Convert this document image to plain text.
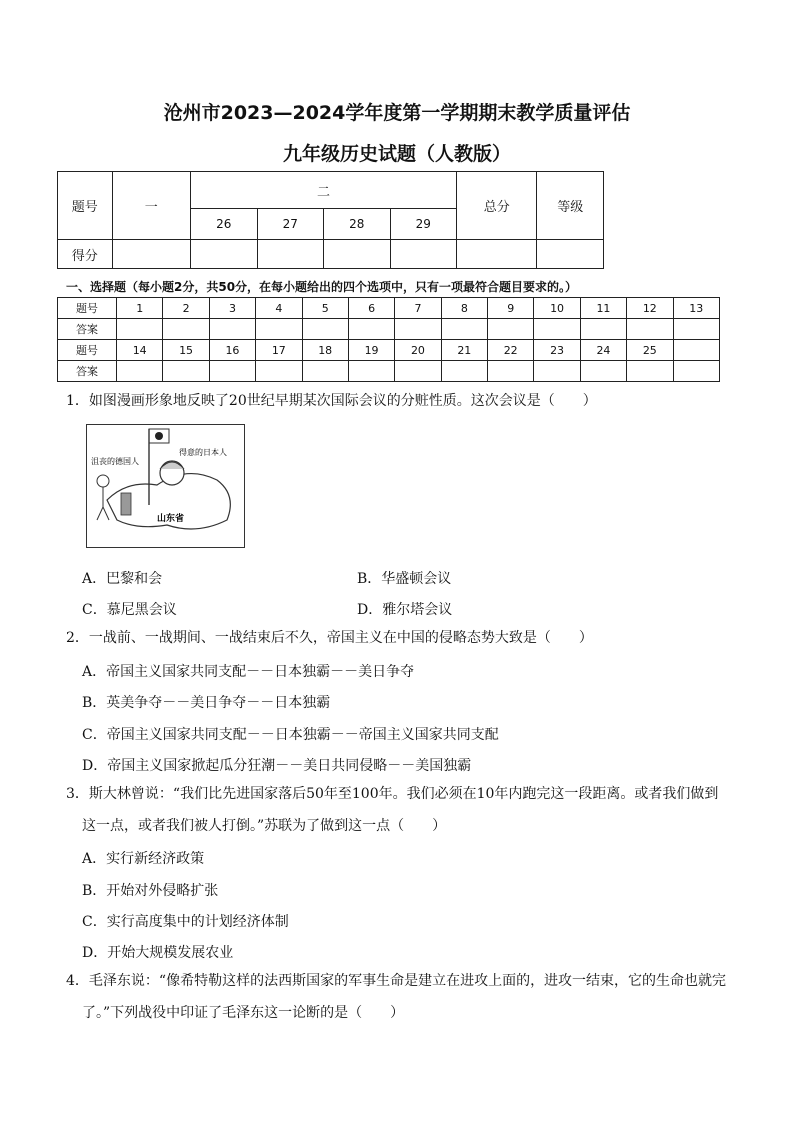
沧州市2023—2024学年度第一学期期末教学质量评估
九年级历史试题（人教版）
题号	一	二				总分	等级
		26	27	28	29		
得分							
一、选择题（每小题2分，共50分，在每小题给出的四个选项中，只有一项最符合题目要求的。）
题号	1	2	3	4	5	6	7	8	9	10	11	12	13
答案													
题号	14	15	16	17	18	19	20	21	22	23	24	25	
答案													
1．如图漫画形象地反映了20世纪早期某次国际会议的分赃性质。这次会议是（　　）
沮丧的德国人
得意的日本人
山东省
A．巴黎和会	B．华盛顿会议
C．慕尼黑会议	D．雅尔塔会议
2．一战前、一战期间、一战结束后不久，帝国主义在中国的侵略态势大致是（　　）
A．帝国主义国家共同支配－－日本独霸－－美日争夺
B．英美争夺－－美日争夺－－日本独霸
C．帝国主义国家共同支配－－日本独霸－－帝国主义国家共同支配
D．帝国主义国家掀起瓜分狂潮－－美日共同侵略－－美国独霸
3．斯大林曾说：“我们比先进国家落后50年至100年。我们必须在10年内跑完这一段距离。或者我们做到
这一点，或者我们被人打倒。”苏联为了做到这一点（　　）
A．实行新经济政策
B．开始对外侵略扩张
C．实行高度集中的计划经济体制
D．开始大规模发展农业
4．毛泽东说：“像希特勒这样的法西斯国家的军事生命是建立在进攻上面的，进攻一结束，它的生命也就完
了。”下列战役中印证了毛泽东这一论断的是（　　）
